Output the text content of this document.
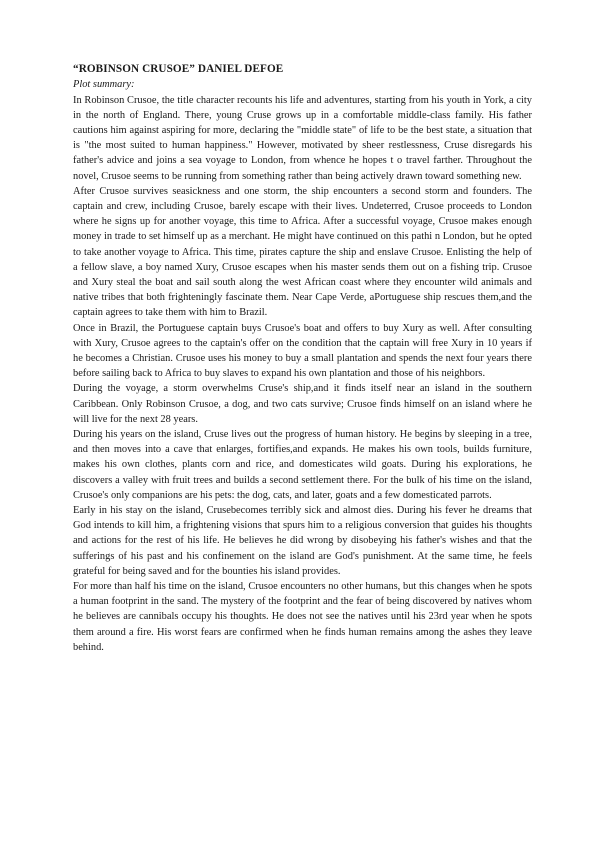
“ROBINSON CRUSOE” DANIEL DEFOE

Plot summary:

In Robinson Crusoe, the title character recounts his life and adventures, starting from his youth in York, a city in the north of England. There, young Cruse grows up in a comfortable middle-class family. His father cautions him against aspiring for more, declaring the "middle state" of life to be the best state, a situation that is "the most suited to human happiness." However, motivated by sheer restlessness, Cruse disregards his father's advice and joins a sea voyage to London, from whence he hopes t o travel farther. Throughout the novel, Crusoe seems to be running from something rather than being actively drawn toward something new.

After Crusoe survives seasickness and one storm, the ship encounters a second storm and founders. The captain and crew, including Crusoe, barely escape with their lives. Undeterred, Crusoe proceeds to London where he signs up for another voyage, this time to Africa. After a successful voyage, Crusoe makes enough money in trade to set himself up as a merchant. He might have continued on this pathi n London, but he opted to take another voyage to Africa. This time, pirates capture the ship and enslave Crusoe. Enlisting the help of a fellow slave, a boy named Xury, Crusoe escapes when his master sends them out on a fishing trip. Crusoe and Xury steal the boat and sail south along the west African coast where they encounter wild animals and native tribes that both frighteningly fascinate them. Near Cape Verde, aPortuguese ship rescues them,and the captain agrees to take them with him to Brazil.

Once in Brazil, the Portuguese captain buys Crusoe's boat and offers to buy Xury as well. After consulting with Xury, Crusoe agrees to the captain's offer on the condition that the captain will free Xury in 10 years if he becomes a Christian. Crusoe uses his money to buy a small plantation and spends the next four years there before sailing back to Africa to buy slaves to expand his own plantation and those of his neighbors.

During the voyage, a storm overwhelms Cruse's ship,and it finds itself near an island in the southern Caribbean. Only Robinson Crusoe, a dog, and two cats survive; Crusoe finds himself on an island where he will live for the next 28 years.

During his years on the island, Cruse lives out the progress of human history. He begins by sleeping in a tree, and then moves into a cave that enlarges, fortifies,and expands. He makes his own tools, builds furniture, makes his own clothes, plants corn and rice, and domesticates wild goats. During his explorations, he discovers a valley with fruit trees and builds a second settlement there. For the bulk of his time on the island, Crusoe's only companions are his pets: the dog, cats, and later, goats and a few domesticated parrots.

Early in his stay on the island, Crusebecomes terribly sick and almost dies. During his fever he dreams that God intends to kill him, a frightening visions that spurs him to a religious conversion that guides his thoughts and actions for the rest of his life. He believes he did wrong by disobeying his father's wishes and that the sufferings of his past and his confinement on the island are God's punishment. At the same time, he feels grateful for being saved and for the bounties his island provides.

For more than half his time on the island, Crusoe encounters no other humans, but this changes when he spots a human footprint in the sand. The mystery of the footprint and the fear of being discovered by natives whom he believes are cannibals occupy his thoughts. He does not see the natives until his 23rd year when he spots them around a fire. His worst fears are confirmed when he finds human remains among the ashes they leave behind.
